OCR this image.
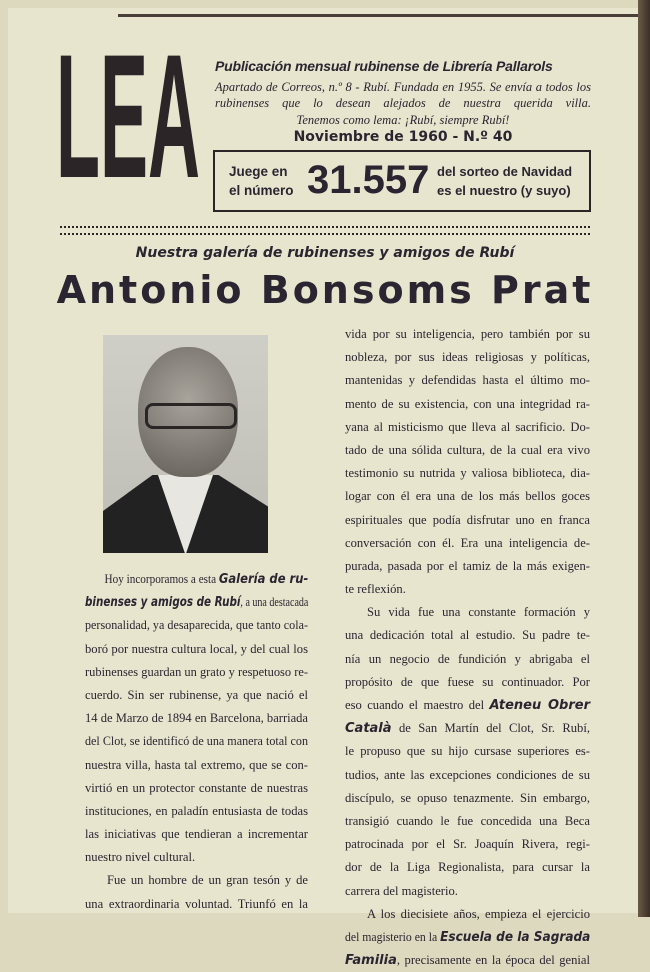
LEA Publicación mensual rubinense de Librería Pallarols
Apartado de Correos, n.º 8 - Rubí. Fundada en 1955. Se envía a todos los rubinenses que lo desean alejados de nuestra querida villa.
Tenemos como lema: ¡Rubí, siempre Rubí!
Noviembre de 1960 - N.º 40
Juege en
el número 31.557 del sorteo de Navidad
es el nuestro (y suyo)
Nuestra galería de rubinenses y amigos de Rubí
Antonio Bonsoms Prat
Hoy incorporamos a esta Galería de ru-
binenses y amigos de Rubí, a una destacada
personalidad, ya desaparecida, que tanto cola-
boró por nuestra cultura local, y del cual los
rubinenses guardan un grato y respetuoso re-
cuerdo. Sin ser rubinense, ya que nació el
14 de Marzo de 1894 en Barcelona, barriada
del Clot, se identificó de una manera total con
nuestra villa, hasta tal extremo, que se con-
virtió en un protector constante de nuestras
instituciones, en paladín entusiasta de todas
las iniciativas que tendieran a incrementar
nuestro nivel cultural.
Fue un hombre de un gran tesón y de
una extraordinaria voluntad. Triunfó en la
vida por su inteligencia, pero también por su
nobleza, por sus ideas religiosas y políticas,
mantenidas y defendidas hasta el último mo-
mento de su existencia, con una integridad ra-
yana al misticismo que lleva al sacrificio. Do-
tado de una sólida cultura, de la cual era vivo
testimonio su nutrida y valiosa biblioteca, dia-
logar con él era una de los más bellos goces
espirituales que podía disfrutar uno en franca
conversación con él. Era una inteligencia de-
purada, pasada por el tamiz de la más exigen-
te reflexión.
Su vida fue una constante formación y
una dedicación total al estudio. Su padre te-
nía un negocio de fundición y abrigaba el
propósito de que fuese su continuador. Por
eso cuando el maestro del Ateneu Obrer
Català de San Martín del Clot, Sr. Rubí,
le propuso que su hijo cursase superiores es-
tudios, ante las excepciones condiciones de su
discípulo, se opuso tenazmente. Sin embargo,
transigió cuando le fue concedida una Beca
patrocinada por el Sr. Joaquín Rivera, regi-
dor de la Liga Regionalista, para cursar la
carrera del magisterio.
A los diecisiete años, empieza el ejercicio
del magisterio en la Escuela de la Sagrada
Familia, precisamente en la época del genial
